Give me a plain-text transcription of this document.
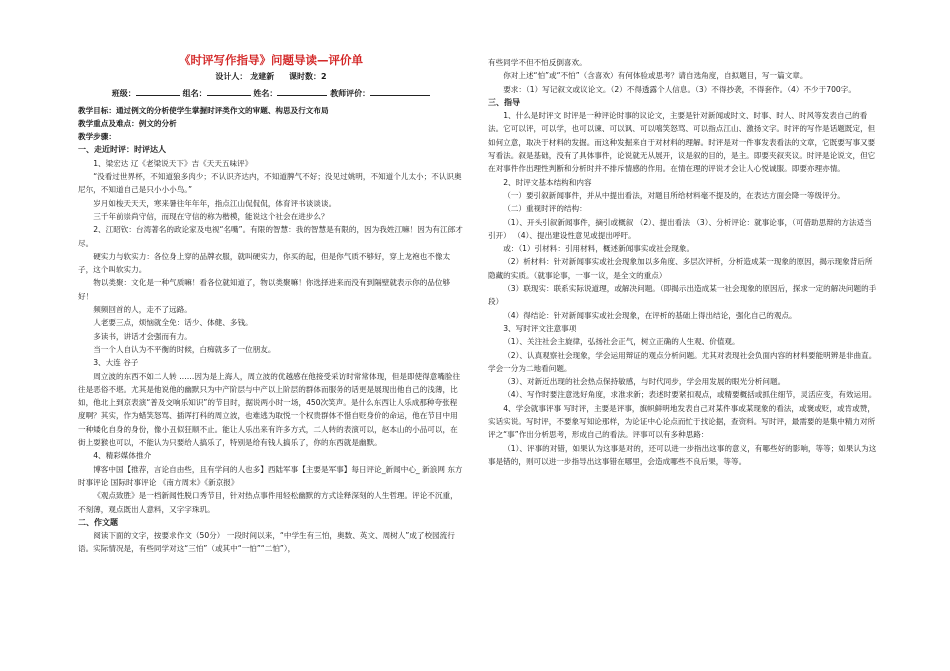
《时评写作指导》问题导读—评价单
设计人： 龙建新 课时数：2
班级：	组名：	姓名：	教师评价：

教学目标：通过例文的分析使学生掌握时评类作文的审题、构思及行文布局

教学重点及难点：例文的分析

教学步骤：

一、走近时评：时评达人

1、梁宏达 辽《老梁说天下》吉《天天五味评》

“没看过世界杯，不知道狼多肉少；不认识齐达内，不知道脾气不好；没见过姚明，不知道个儿太小；不认识奥尼尔，不知道自己是只小小小鸟。”

岁月如梭天天天，寒来暑往年年年，指点江山侃侃侃，体育评书谈谈谈。

三千年前崇尚守信，而现在守信的称为楷模，能说这个社会在进步么？

2、江昭钦：台湾著名的政论家及电视“名嘴”。有限的智慧：我的智慧是有限的，因为我姓江嘛！因为有江郎才尽。

硬实力与软实力：各位身上穿的品牌衣服，就叫硬实力，你买的起，但是你气质不够好，穿上龙袍也不像太子，这个叫软实力。

物以类聚：文化是一种气质嘛！看各位就知道了，物以类聚嘛！你选择进来而没有到隔壁就表示你的品位够好！

频频回首的人，走不了远路。

人老要三点，烦恼就全免：话少、体健、多钱。

多读书，讲话才会强而有力。

当一个人自认为不平衡的时候，白痴就多了一位朋友。

3、大连 谷子

周立波的东西不如二人转 ……因为是上海人，周立波的优越感在他接受采访时常常体现，但是即使得意嘴脸往往是恶俗不堪。尤其是他说他的幽默只为中产阶层与中产以上阶层的群体而服务的话更是展现出他自己的浅薄，比如，他北上到京表演“普及交响乐知识”的节目时，据说两小时一场，450次笑声。是什么东西让人乐成那种夸张程度啊？其实，作为蜡笑怒骂、插诨打科的周立波，也难逃为取悦一个权贵群体不惜自贬身价的命运，他在节目中用一种矮化自身的身份，像小丑似狂顺不止。能让人乐出来有许多方式，二人转的表演可以，赵本山的小品可以，在街上耍猴也可以，不能认为只要给人搞乐了，特别是给有钱人搞乐了，你的东西就是幽默。

4、精彩媒体推介

博客中国【推荐，言论自由些，且有学问的人也多】西陆军事【主要是军事】每日评论_新闻中心_ 新浪网 东方时事评论 国际时事评论 《南方周末》《新京报》

《观点致胜》是一档新闻性脱口秀节目，针对热点事件用轻松幽默的方式诠释深刻的人生哲理。评论不沉重，不刻薄，观点既出人意料，又字字珠玑。

二、作文题

阅读下面的文字，按要求作文（50分） 一段时间以来，“中学生有三怕，奥数、英文、周树人”成了校园流行语。实际情况是，有些同学对这“三怕”（或其中“一怕”“二怕”），

有些同学不但不怕反倒喜欢。

你对上述“怕”或“不怕”（含喜欢）有何体验或思考？请自选角度，自拟题目，写一篇文章。

要求：（1）写记叙文或议论文。（2）不得透露个人信息。（3）不得抄袭，不得套作。（4）不少于700字。

三、指导

1、什么是时评文 时评是一种评论时事的议论文，主要是针对新闻或时文、时事、时人、时风等发表自己的看法。它可以评，可以学，也可以谏、可以讽、可以嘻笑怒骂、可以指点江山、激扬文字。时评的写作是话题既定，但如何立意，取决于材料的发掘。而这种发掘来自于对材料的理解。时评是对一件事发表看法的文章，它既要写事又要写看法。叙是基础，没有了具体事件，论说就无从展开，议是叙的目的，是主。即要夹叙夹议。时评是论说文，但它在对事件作出理性判断和分析时并不排斥情感的作用。在情在理的评说才会让人心悦诚服。即要亦理亦情。

2、时评文基本结构和内容

（一）要引叙新闻事件，并从中提出看法，对题目所给材料毫不提及的，在表达方面会降一等级评分。

（二）重视时评的结构：

（1）、开头引叙新闻事件，摘引或概叙 （2）、提出看法 （3）、分析评论：就事论事，（可借助思辩的方法适当引开） （4）、提出建设性意见或提出呼吁。

或：（1）引材料：引用材料，概述新闻事实或社会现象。

（2）析材料：针对新闻事实或社会现象加以多角度、多层次评析，分析造成某一现象的原因，揭示现象背后所隐藏的实质。（就事论事，一事一议，是全文的重点）

（3）联现实：联系实际说道理，或解决问题。（即揭示出造成某一社会现象的原因后，探求一定的解决问题的手段）

（4）得结论：针对新闻事实或社会现象，在评析的基础上得出结论，强化自己的观点。

3、写时评文注意事项

（1）、关注社会主旋律，弘扬社会正气，树立正确的人生观、价值观。

（2）、认真观察社会现象，学会运用辩证的观点分析问题。尤其对表现社会负面内容的材料要能明辨是非曲直。学会一分为二地看问题。

（3）、对新近出现的社会热点保持敏感，与时代同步，学会用发展的眼光分析问题。

（4）、写作时要注意选好角度，求准求新；表述时要紧扣观点，或精要概括或抓住细节，灵活应变，有效运用。

4、学会就事评事 写时评，主要是评事，旗帜鲜明地发表自己对某件事或某现象的看法，或褒或贬，或肯或赞，实话实说。写时评，不要象写知论那样，为论证中心论点而忙于找论据，查资料。写时评，最需要的是集中精力对所评之“事”作出分析思考，形成自己的看法。评事可以有多种思路：

（1）、评事的对错，如果认为这事是对的，还可以进一步指出这事的意义，有哪些好的影响，等等；如果认为这事是错的，则可以进一步指导出这事错在哪里，会造成哪些不良后果，等等。
